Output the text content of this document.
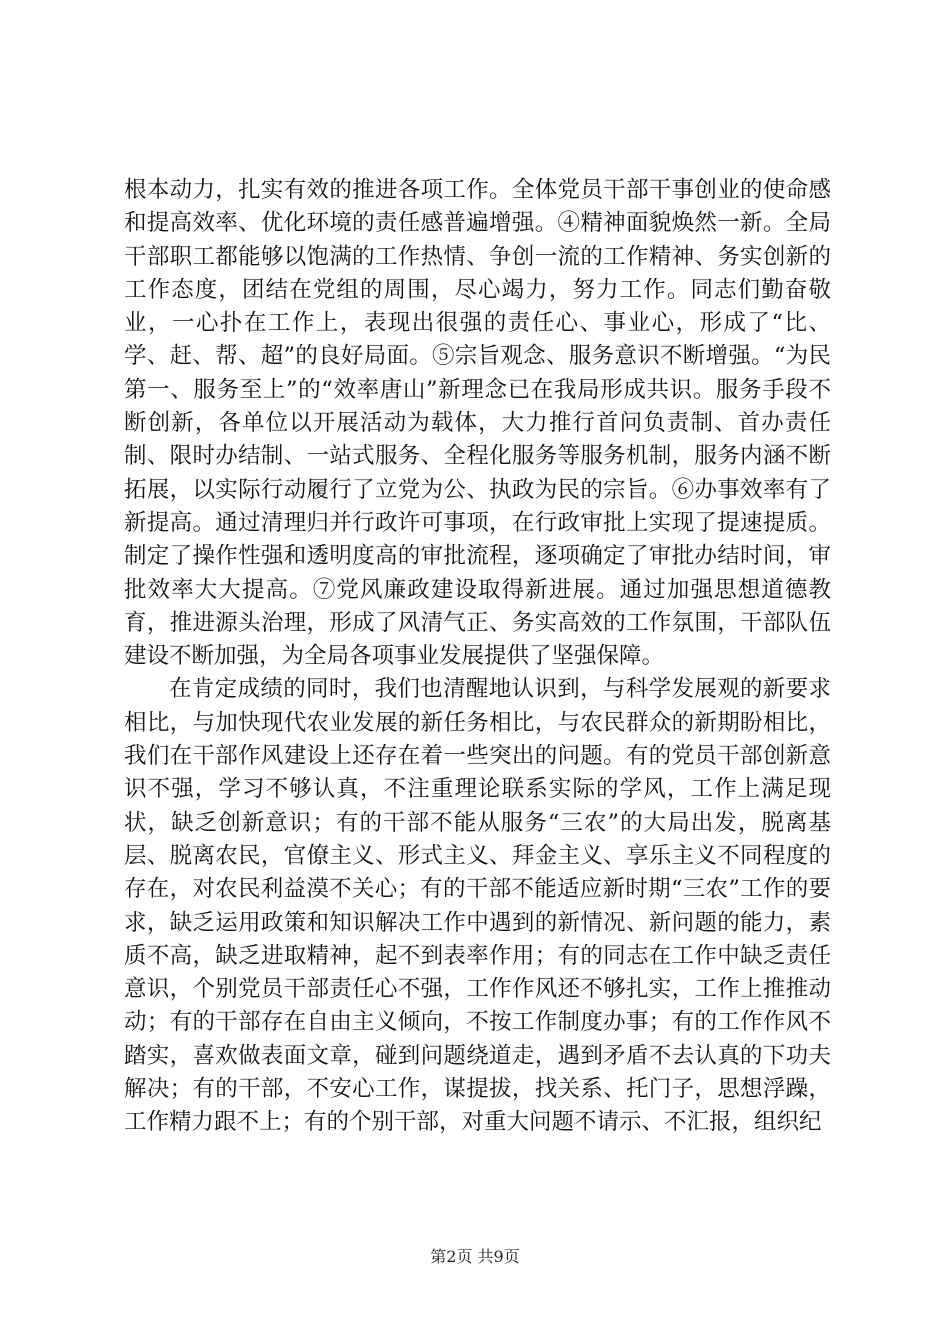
根本动力，扎实有效的推进各项工作。全体党员干部干事创业的使命感和提高效率、优化环境的责任感普遍增强。④精神面貌焕然一新。全局干部职工都能够以饱满的工作热情、争创一流的工作精神、务实创新的工作态度，团结在党组的周围，尽心竭力，努力工作。同志们勤奋敬业，一心扑在工作上，表现出很强的责任心、事业心，形成了“比、学、赶、帮、超”的良好局面。⑤宗旨观念、服务意识不断增强。“为民第一、服务至上”的“效率唐山”新理念已在我局形成共识。服务手段不断创新，各单位以开展活动为载体，大力推行首问负责制、首办责任制、限时办结制、一站式服务、全程化服务等服务机制，服务内涵不断拓展，以实际行动履行了立党为公、执政为民的宗旨。⑥办事效率有了新提高。通过清理归并行政许可事项，在行政审批上实现了提速提质。制定了操作性强和透明度高的审批流程，逐项确定了审批办结时间，审批效率大大提高。⑦党风廉政建设取得新进展。通过加强思想道德教育，推进源头治理，形成了风清气正、务实高效的工作氛围，干部队伍建设不断加强，为全局各项事业发展提供了坚强保障。

在肯定成绩的同时，我们也清醒地认识到，与科学发展观的新要求相比，与加快现代农业发展的新任务相比，与农民群众的新期盼相比，我们在干部作风建设上还存在着一些突出的问题。有的党员干部创新意识不强，学习不够认真，不注重理论联系实际的学风，工作上满足现状，缺乏创新意识；有的干部不能从服务“三农”的大局出发，脱离基层、脱离农民，官僚主义、形式主义、拜金主义、享乐主义不同程度的存在，对农民利益漠不关心；有的干部不能适应新时期“三农”工作的要求，缺乏运用政策和知识解决工作中遇到的新情况、新问题的能力，素质不高，缺乏进取精神，起不到表率作用；有的同志在工作中缺乏责任意识，个别党员干部责任心不强，工作作风还不够扎实，工作上推推动动；有的干部存在自由主义倾向，不按工作制度办事；有的工作作风不踏实，喜欢做表面文章，碰到问题绕道走，遇到矛盾不去认真的下功夫解决；有的干部，不安心工作，谋提拔，找关系、托门子，思想浮躁，工作精力跟不上；有的个别干部，对重大问题不请示、不汇报，组织纪

第2页 共9页
